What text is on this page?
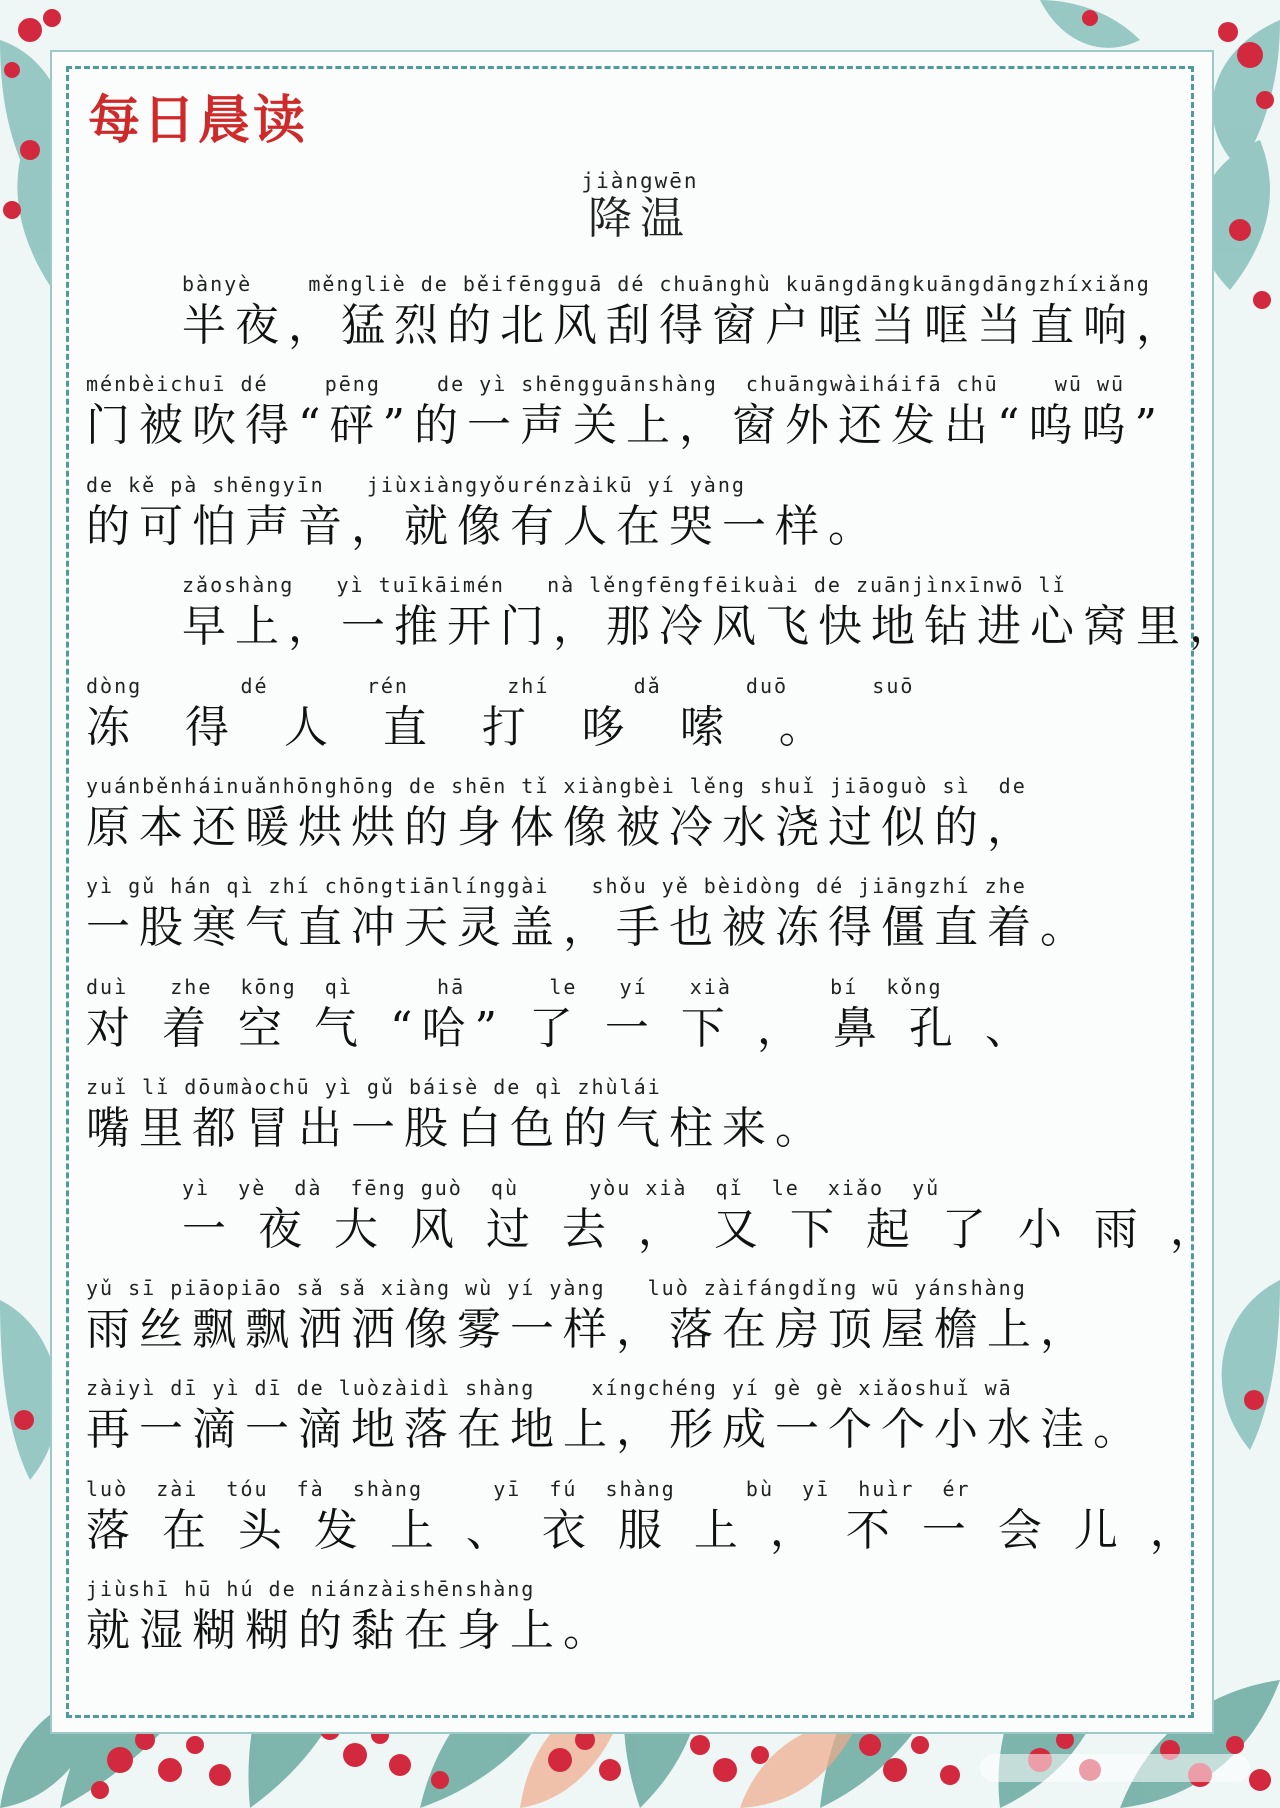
每日晨读
jiàngwēn
降温
bànyè    měngliè de běifēngguā dé chuānghù kuāngdāngkuāngdāngzhíxiǎng
半夜，猛烈的北风刮得窗户哐当哐当直响，
ménbèichuī dé    pēng    de yì shēngguānshàng  chuāngwàiháifā chū    wū wū
门被吹得“砰”的一声关上，窗外还发出“呜呜”
de kě pà shēngyīn   jiùxiàngyǒurénzàikū yí yàng
的可怕声音，就像有人在哭一样。
zǎoshàng   yì tuīkāimén   nà lěngfēngfēikuài de zuānjìnxīnwō lǐ
早上，一推开门，那冷风飞快地钻进心窝里，
dòng       dé       rén       zhí      dǎ      duō      suō
冻  得  人  直  打  哆  嗦  。
yuánběnháinuǎnhōnghōng de shēn tǐ xiàngbèi lěng shuǐ jiāoguò sì  de
原本还暖烘烘的身体像被冷水浇过似的，
yì gǔ hán qì zhí chōngtiānlínggài   shǒu yě bèidòng dé jiāngzhí zhe
一股寒气直冲天灵盖，手也被冻得僵直着。
duì   zhe  kōng  qì      hā      le   yí   xià       bí  kǒng
对 着 空 气 “哈” 了 一 下 ， 鼻 孔 、
zuǐ lǐ dōumàochū yì gǔ báisè de qì zhùlái
嘴里都冒出一股白色的气柱来。
yì  yè  dà  fēng guò  qù     yòu xià  qǐ  le  xiǎo  yǔ
一 夜 大 风 过 去 ， 又 下 起 了 小 雨 ，
yǔ sī piāopiāo sǎ sǎ xiàng wù yí yàng   luò zàifángdǐng wū yánshàng
雨丝飘飘洒洒像雾一样，落在房顶屋檐上，
zàiyì dī yì dī de luòzàidì shàng    xíngchéng yí gè gè xiǎoshuǐ wā
再一滴一滴地落在地上，形成一个个小水洼。
luò  zài  tóu  fà  shàng     yī  fú  shàng     bù  yī  huìr  ér
落 在 头 发 上 、 衣 服 上 ， 不 一 会 儿 ，
jiùshī hū hú de niánzàishēnshàng
就湿糊糊的黏在身上。
